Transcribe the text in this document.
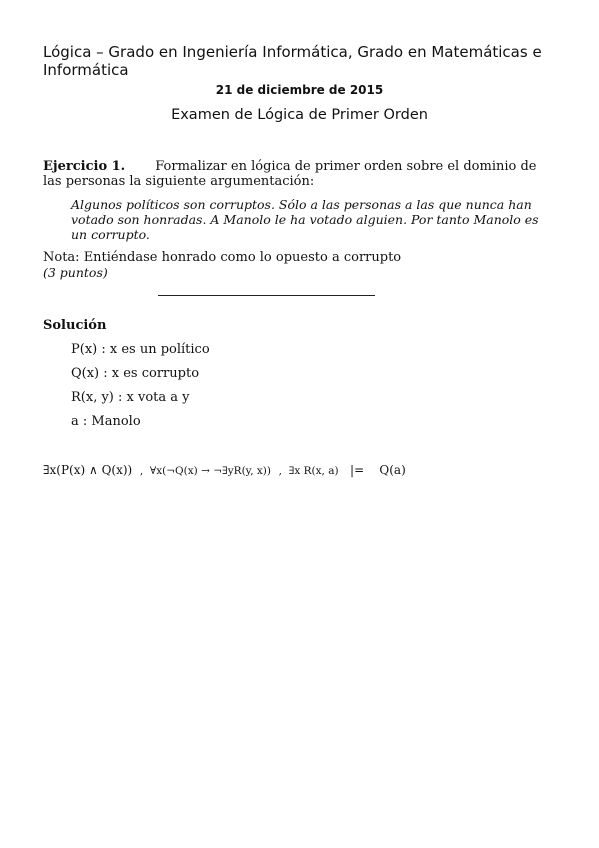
Lógica – Grado en Ingeniería Informática, Grado en Matemáticas e Informática
21 de diciembre de 2015
Examen de Lógica de Primer Orden
Ejercicio 1. Formalizar en lógica de primer orden sobre el dominio de las personas la siguiente argumentación:
Algunos políticos son corruptos. Sólo a las personas a las que nunca han votado son honradas. A Manolo le ha votado alguien. Por tanto Manolo es un corrupto.
Nota: Entiéndase honrado como lo opuesto a corrupto
(3 puntos)
Solución
P(x) : x es un político
Q(x) : x es corrupto
R(x, y) : x vota a y
a : Manolo
∃x(P(x) ∧ Q(x)) ,  ∀x(¬Q(x) → ¬∃yR(y, x)) ,  ∃x R(x, a) |= Q(a)
